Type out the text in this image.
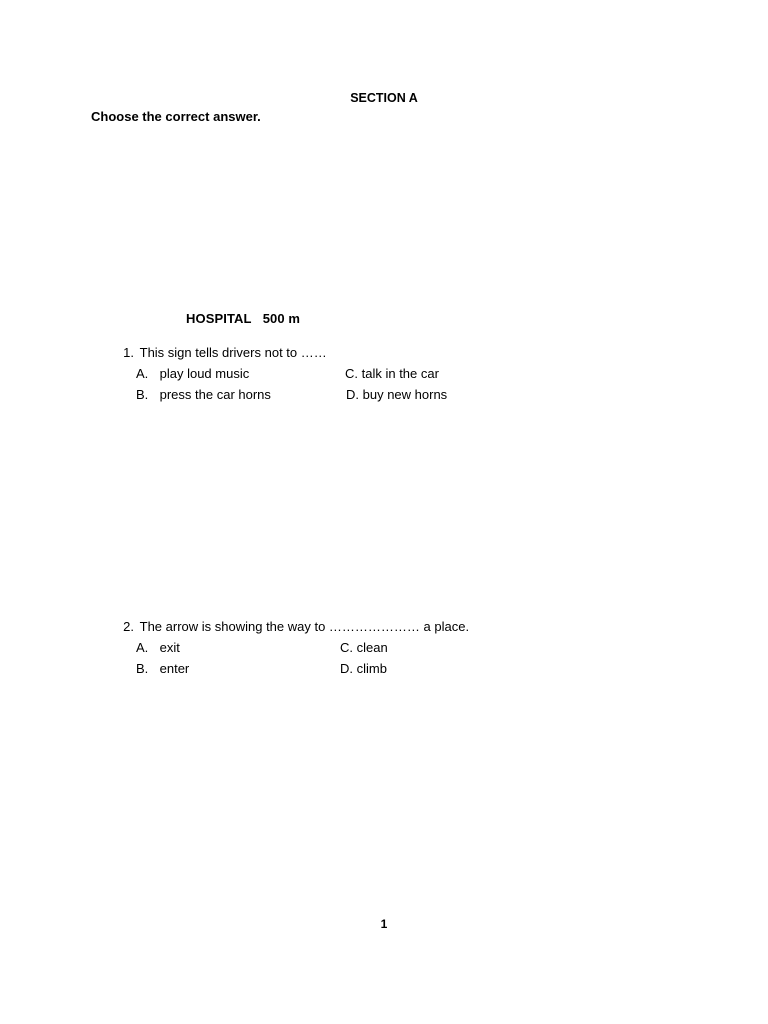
SECTION A
Choose the correct answer.
HOSPITAL 500 m
1. This sign tells drivers not to ……
A. play loud music
B. press the car horns
C. talk in the car
D. buy new horns
2. The arrow is showing the way to ………………… a place.
A. exit
B. enter
C. clean
D. climb
1
